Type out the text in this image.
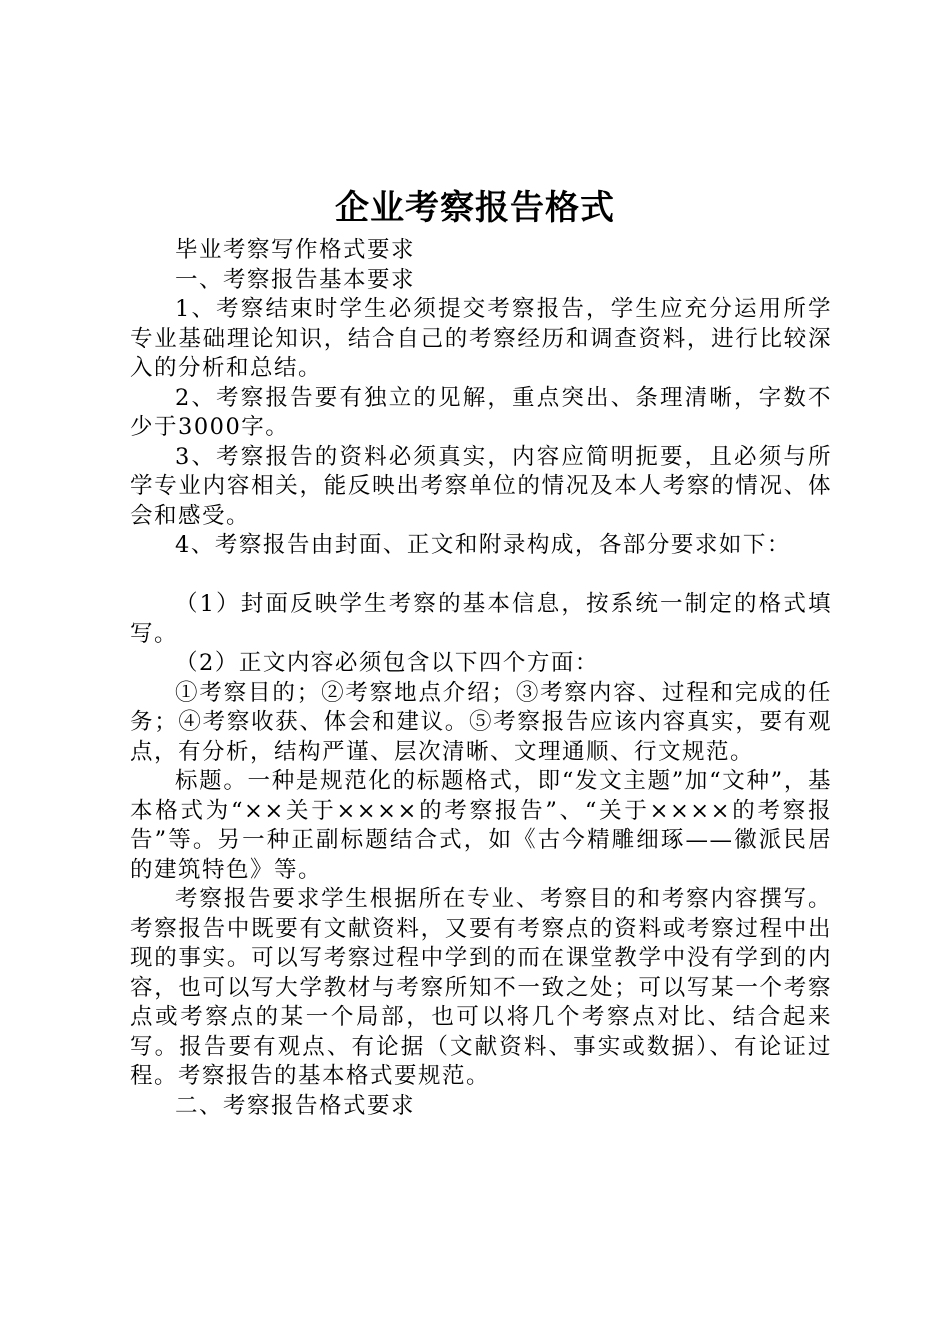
企业考察报告格式

毕业考察写作格式要求

一、考察报告基本要求

1、考察结束时学生必须提交考察报告，学生应充分运用所学专业基础理论知识，结合自己的考察经历和调查资料，进行比较深入的分析和总结。

2、考察报告要有独立的见解，重点突出、条理清晰，字数不少于3000字。

3、考察报告的资料必须真实，内容应简明扼要，且必须与所学专业内容相关，能反映出考察单位的情况及本人考察的情况、体会和感受。

4、考察报告由封面、正文和附录构成，各部分要求如下：

（1）封面反映学生考察的基本信息，按系统一制定的格式填写。

（2）正文内容必须包含以下四个方面：

①考察目的；②考察地点介绍；③考察内容、过程和完成的任务；④考察收获、体会和建议。⑤考察报告应该内容真实，要有观点，有分析，结构严谨、层次清晰、文理通顺、行文规范。

标题。一种是规范化的标题格式，即“发文主题”加“文种”，基本格式为“××关于××××的考察报告”、“关于××××的考察报告”等。另一种正副标题结合式，如《古今精雕细琢——徽派民居的建筑特色》等。

考察报告要求学生根据所在专业、考察目的和考察内容撰写。考察报告中既要有文献资料，又要有考察点的资料或考察过程中出现的事实。可以写考察过程中学到的而在课堂教学中没有学到的内容，也可以写大学教材与考察所知不一致之处；可以写某一个考察点或考察点的某一个局部，也可以将几个考察点对比、结合起来写。报告要有观点、有论据（文献资料、事实或数据）、有论证过程。考察报告的基本格式要规范。

二、考察报告格式要求
